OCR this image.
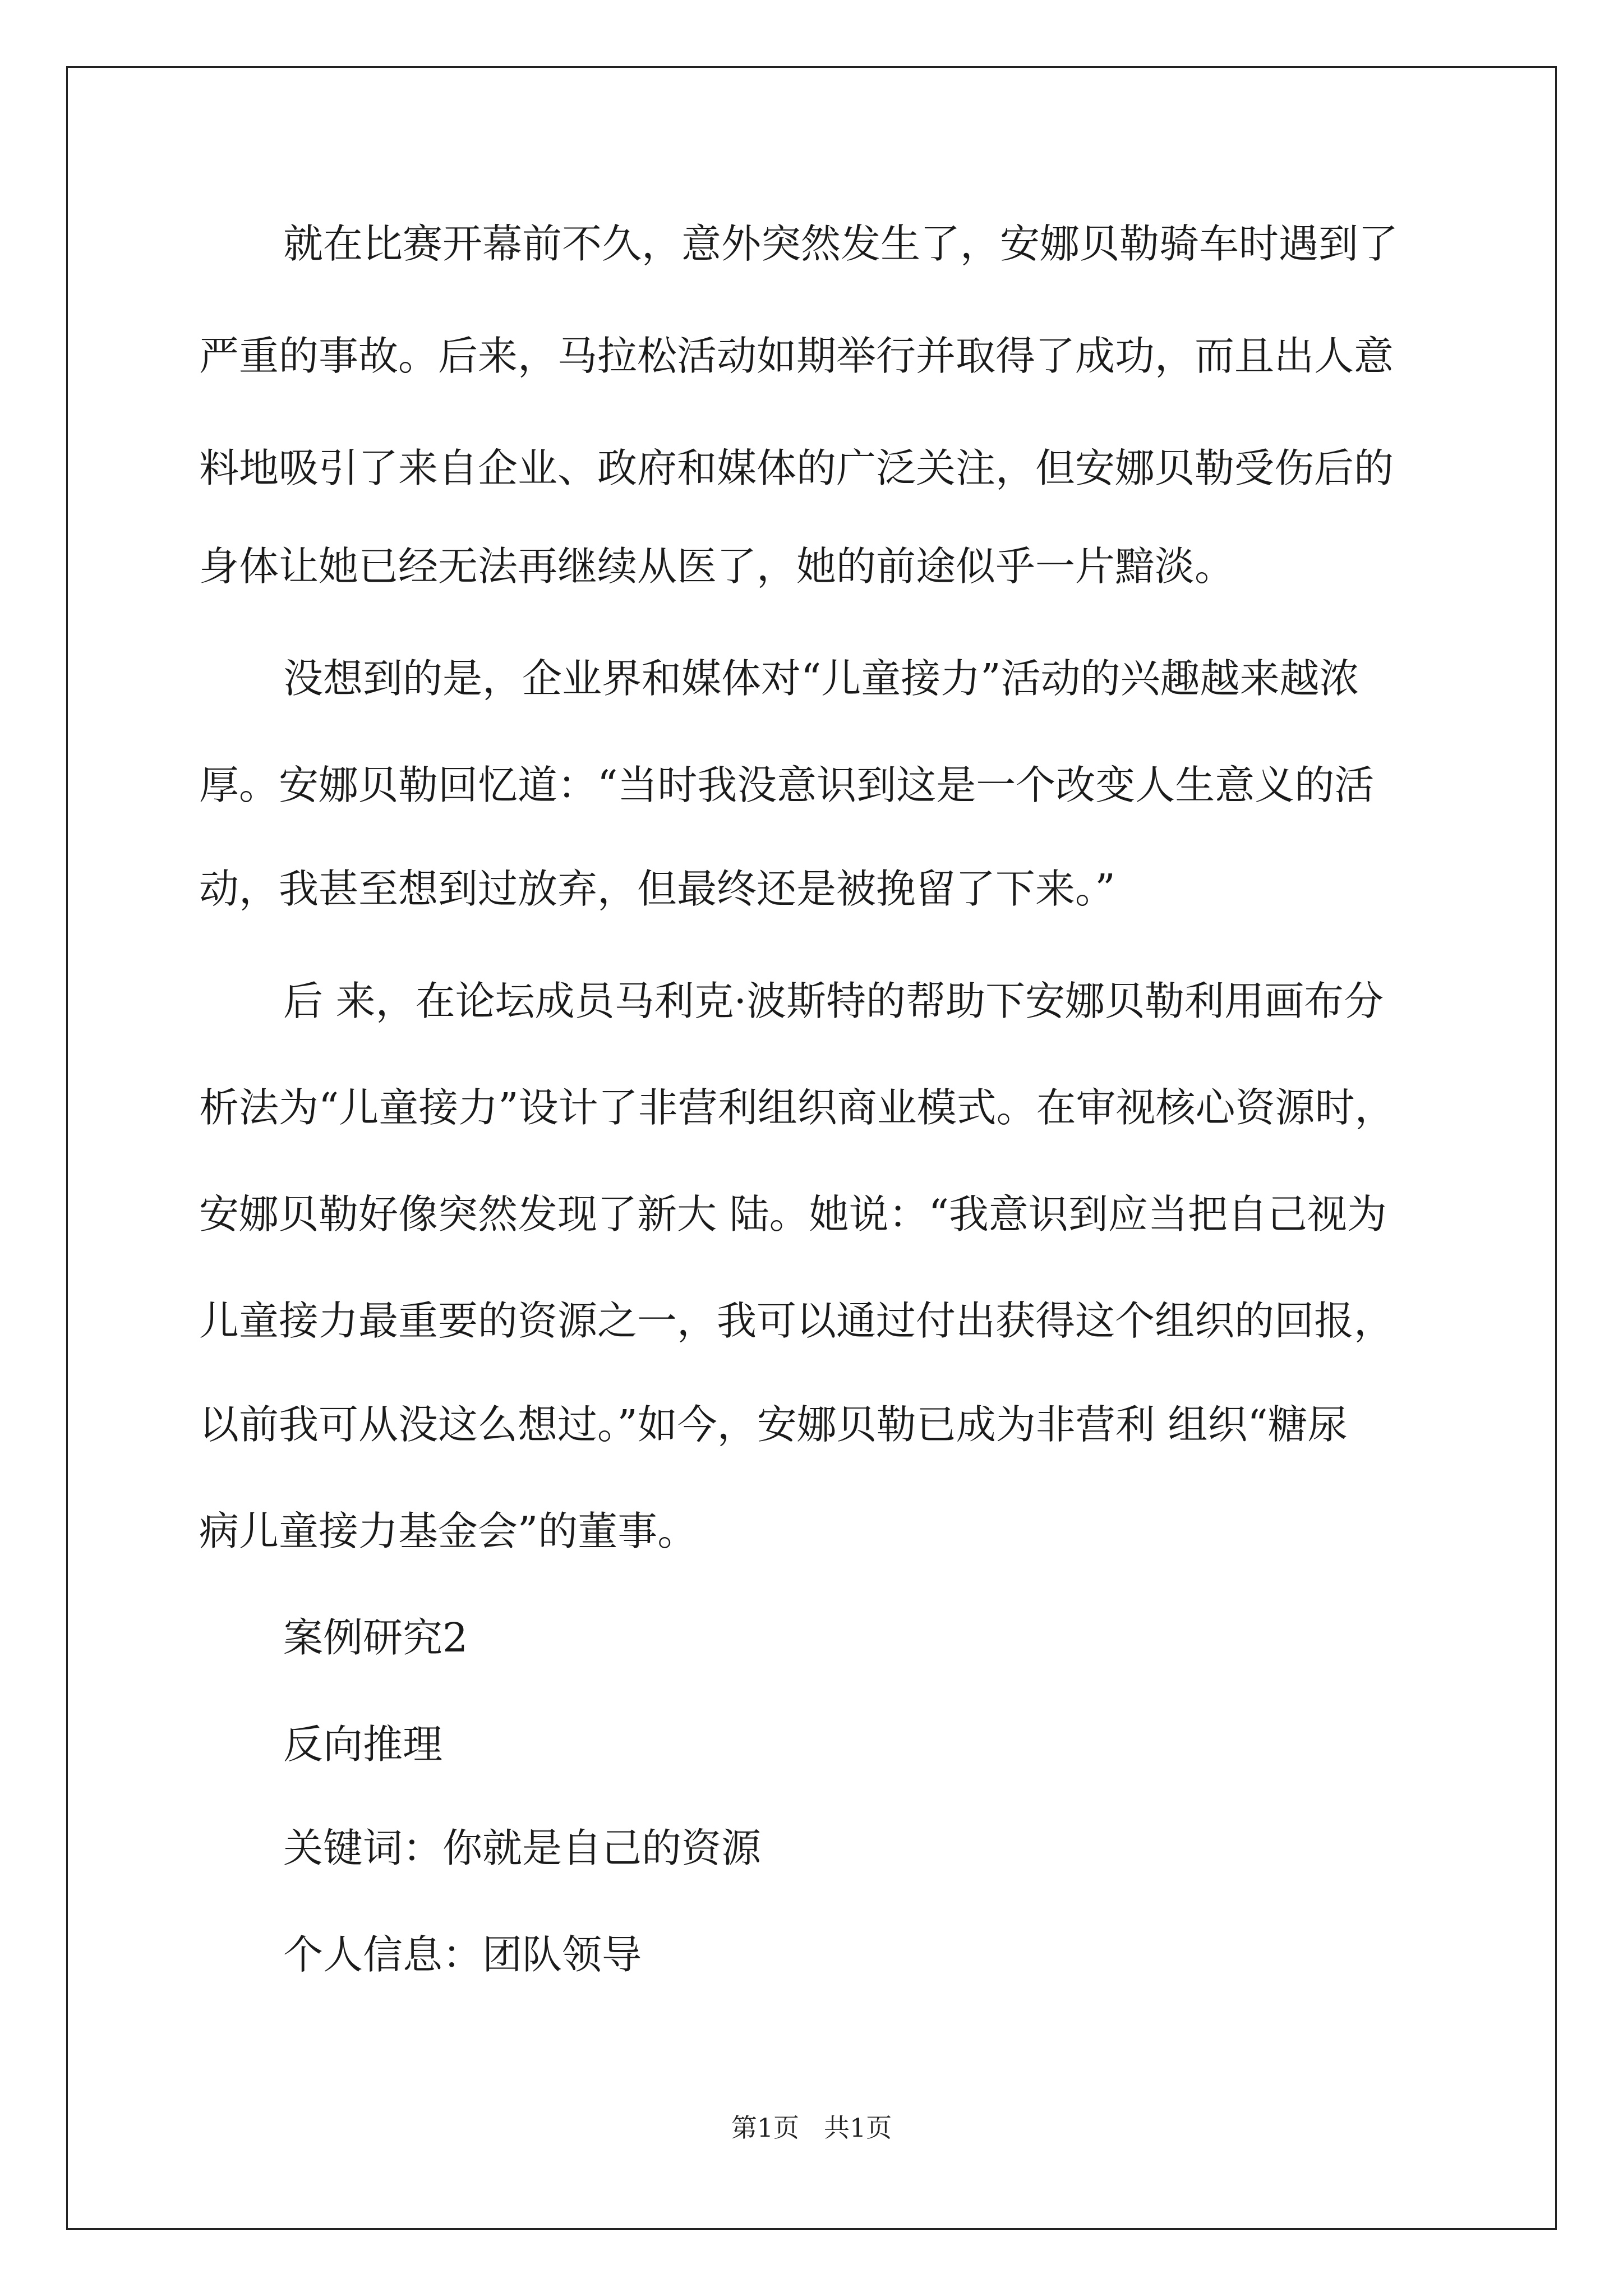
就在比赛开幕前不久，意外突然发生了，安娜贝勒骑车时遇到了
严重的事故。后来，马拉松活动如期举行并取得了成功，而且出人意
料地吸引了来自企业、政府和媒体的广泛关注，但安娜贝勒受伤后的
身体让她已经无法再继续从医了，她的前途似乎一片黯淡。
没想到的是，企业界和媒体对“儿童接力”活动的兴趣越来越浓
厚。安娜贝勒回忆道：“当时我没意识到这是一个改变人生意义的活
动，我甚至想到过放弃，但最终还是被挽留了下来。”
后 来，在论坛成员马利克·波斯特的帮助下安娜贝勒利用画布分
析法为“儿童接力”设计了非营利组织商业模式。在审视核心资源时，
安娜贝勒好像突然发现了新大 陆。她说：“我意识到应当把自己视为
儿童接力最重要的资源之一，我可以通过付出获得这个组织的回报，
以前我可从没这么想过。”如今，安娜贝勒已成为非营利 组织“糖尿
病儿童接力基金会”的董事。
案例研究2
反向推理
关键词：你就是自己的资源
个人信息：团队领导
第1页 共1页
